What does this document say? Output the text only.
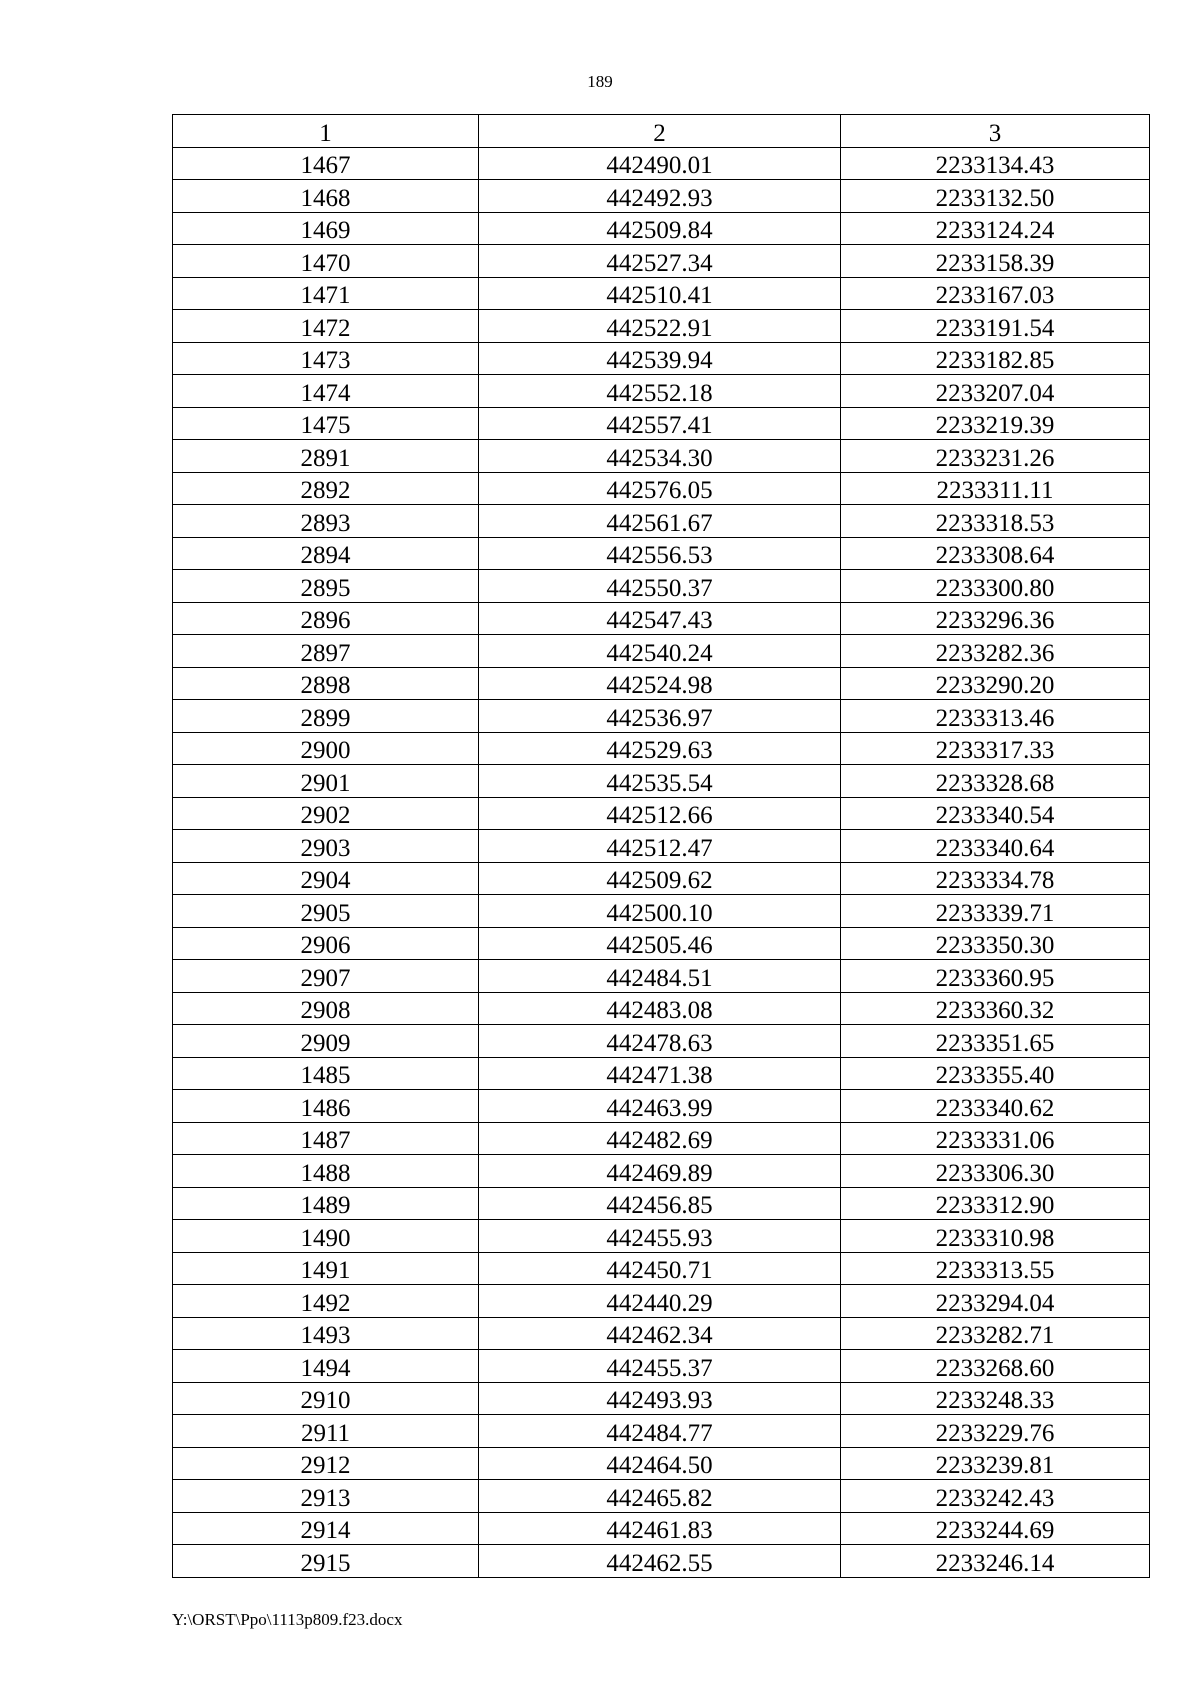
189
1	2	3
1467	442490.01	2233134.43
1468	442492.93	2233132.50
1469	442509.84	2233124.24
1470	442527.34	2233158.39
1471	442510.41	2233167.03
1472	442522.91	2233191.54
1473	442539.94	2233182.85
1474	442552.18	2233207.04
1475	442557.41	2233219.39
2891	442534.30	2233231.26
2892	442576.05	2233311.11
2893	442561.67	2233318.53
2894	442556.53	2233308.64
2895	442550.37	2233300.80
2896	442547.43	2233296.36
2897	442540.24	2233282.36
2898	442524.98	2233290.20
2899	442536.97	2233313.46
2900	442529.63	2233317.33
2901	442535.54	2233328.68
2902	442512.66	2233340.54
2903	442512.47	2233340.64
2904	442509.62	2233334.78
2905	442500.10	2233339.71
2906	442505.46	2233350.30
2907	442484.51	2233360.95
2908	442483.08	2233360.32
2909	442478.63	2233351.65
1485	442471.38	2233355.40
1486	442463.99	2233340.62
1487	442482.69	2233331.06
1488	442469.89	2233306.30
1489	442456.85	2233312.90
1490	442455.93	2233310.98
1491	442450.71	2233313.55
1492	442440.29	2233294.04
1493	442462.34	2233282.71
1494	442455.37	2233268.60
2910	442493.93	2233248.33
2911	442484.77	2233229.76
2912	442464.50	2233239.81
2913	442465.82	2233242.43
2914	442461.83	2233244.69
2915	442462.55	2233246.14
Y:\ORST\Ppo\1113p809.f23.docx
